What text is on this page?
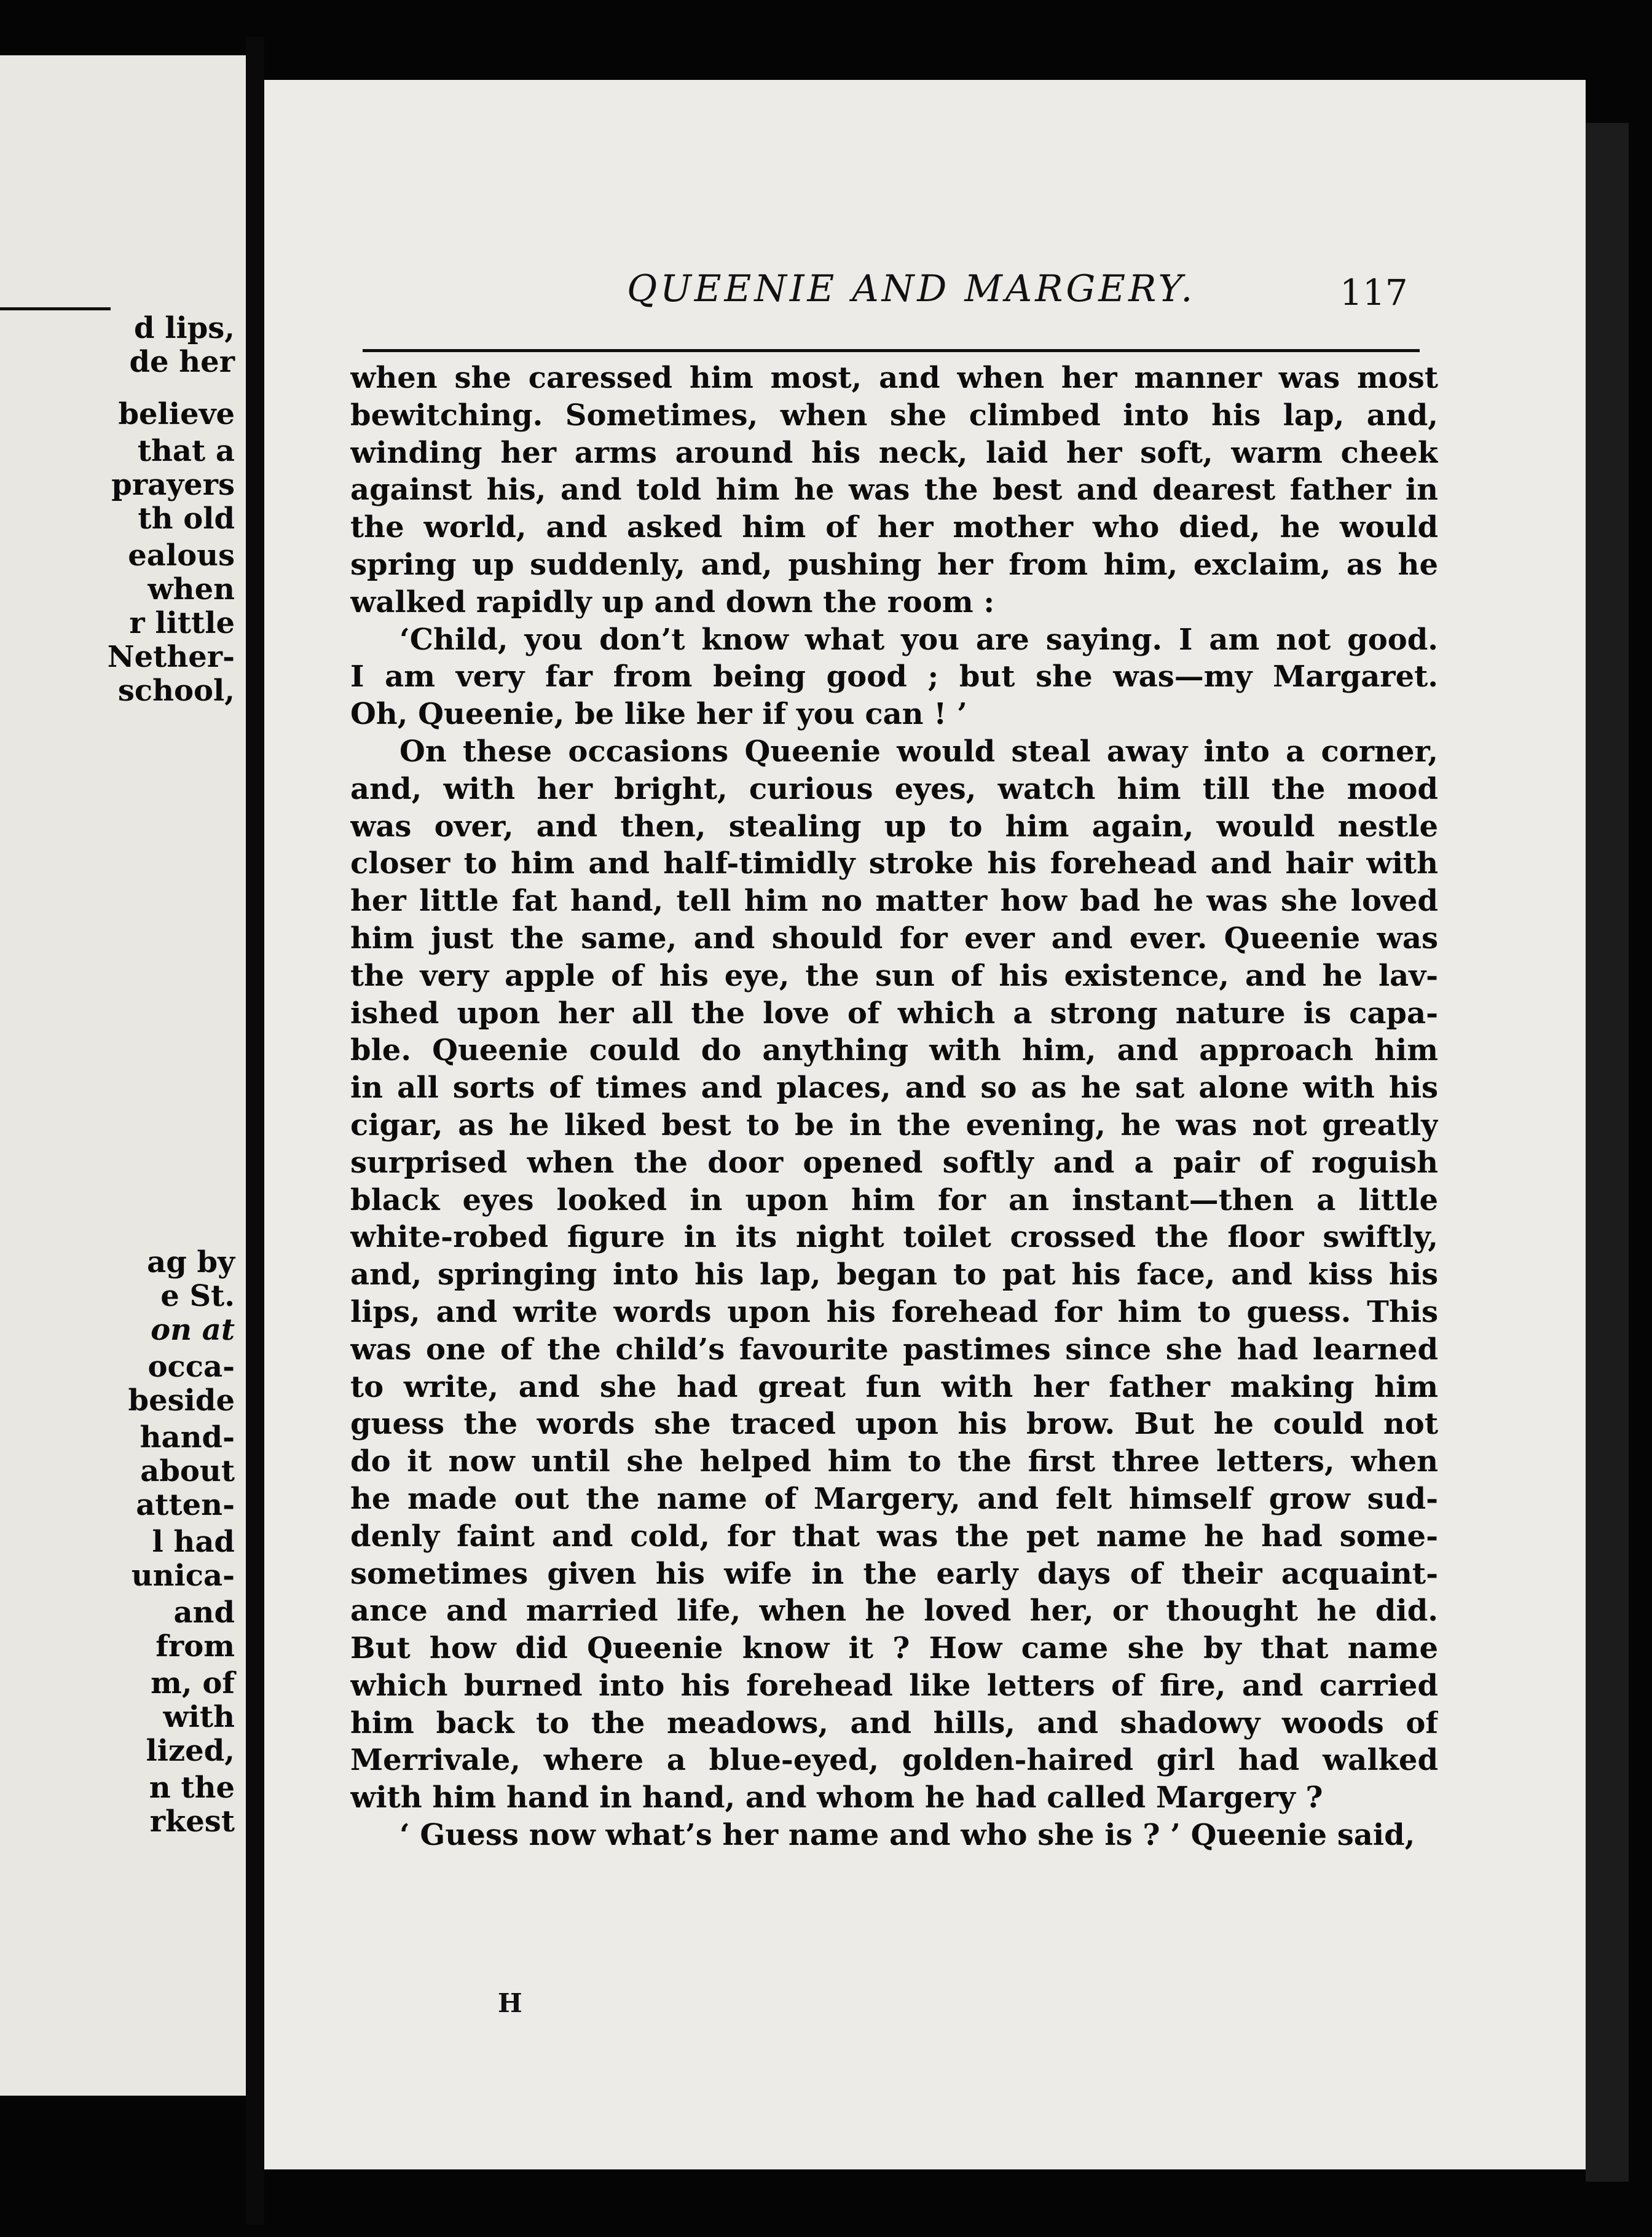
d lips,
de her
believe
that a
prayers
th old
ealous
when
r little
Nether-
school,
ag by
e St.
on at
occa-
beside
hand-
about
atten-
l had
unica-
and
from
m, of
with
lized,
n the
rkest
QUEENIE AND MARGERY.	117
when she caressed him most, and when her manner was most
bewitching. Sometimes, when she climbed into his lap, and,
winding her arms around his neck, laid her soft, warm cheek
against his, and told him he was the best and dearest father in
the world, and asked him of her mother who died, he would
spring up suddenly, and, pushing her from him, exclaim, as he
walked rapidly up and down the room :
‘Child, you don’t know what you are saying. I am not good.
I am very far from being good ; but she was—my Margaret.
Oh, Queenie, be like her if you can ! ’
On these occasions Queenie would steal away into a corner,
and, with her bright, curious eyes, watch him till the mood
was over, and then, stealing up to him again, would nestle
closer to him and half-timidly stroke his forehead and hair with
her little fat hand, tell him no matter how bad he was she loved
him just the same, and should for ever and ever. Queenie was
the very apple of his eye, the sun of his existence, and he lav-
ished upon her all the love of which a strong nature is capa-
ble. Queenie could do anything with him, and approach him
in all sorts of times and places, and so as he sat alone with his
cigar, as he liked best to be in the evening, he was not greatly
surprised when the door opened softly and a pair of roguish
black eyes looked in upon him for an instant—then a little
white-robed figure in its night toilet crossed the floor swiftly,
and, springing into his lap, began to pat his face, and kiss his
lips, and write words upon his forehead for him to guess. This
was one of the child’s favourite pastimes since she had learned
to write, and she had great fun with her father making him
guess the words she traced upon his brow. But he could not
do it now until she helped him to the first three letters, when
he made out the name of Margery, and felt himself grow sud-
denly faint and cold, for that was the pet name he had some-
sometimes given his wife in the early days of their acquaint-
ance and married life, when he loved her, or thought he did.
But how did Queenie know it ? How came she by that name
which burned into his forehead like letters of fire, and carried
him back to the meadows, and hills, and shadowy woods of
Merrivale, where a blue-eyed, golden-haired girl had walked
with him hand in hand, and whom he had called Margery ?
‘ Guess now what’s her name and who she is ? ’ Queenie said,
H
